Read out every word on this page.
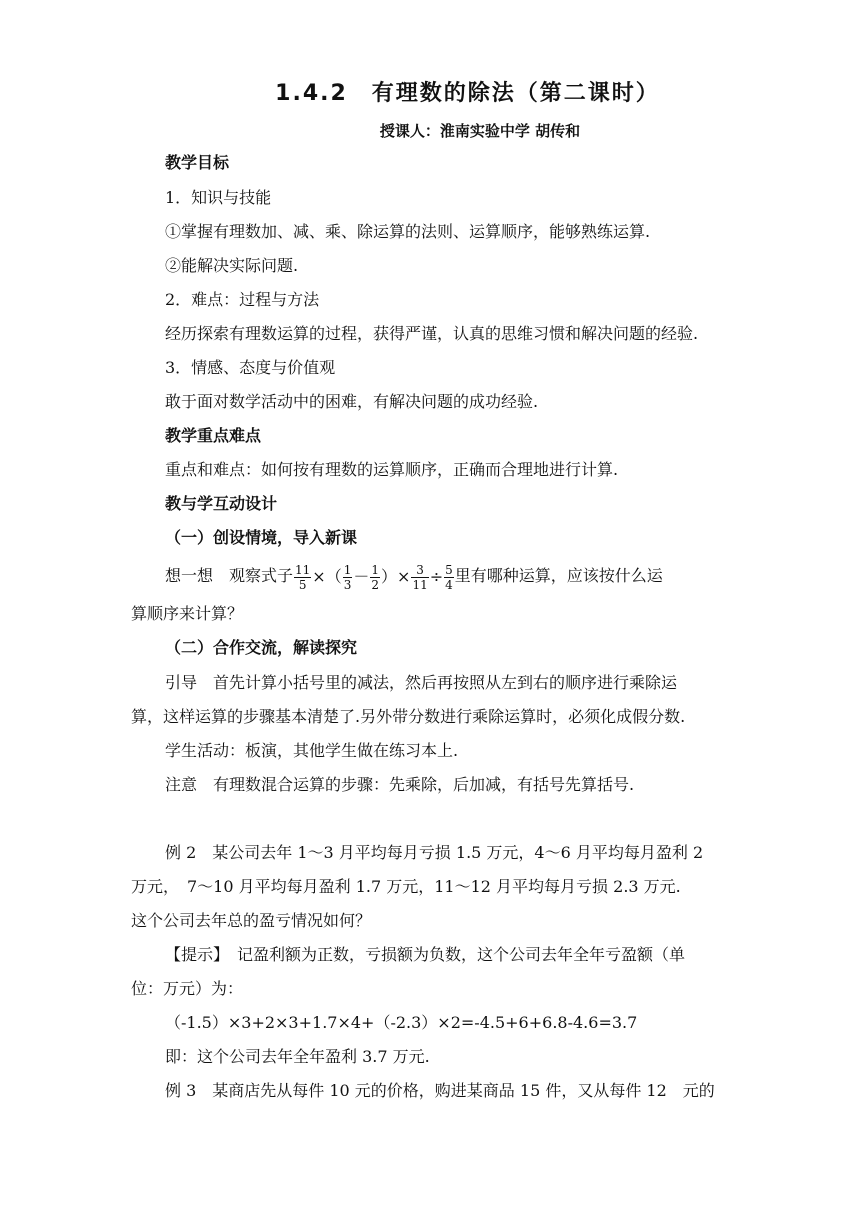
1.4.2　有理数的除法（第二课时）
授课人：淮南实验中学 胡传和
教学目标
1．知识与技能
①掌握有理数加、减、乘、除运算的法则、运算顺序，能够熟练运算.
②能解决实际问题.
2．难点：过程与方法
经历探索有理数运算的过程，获得严谨，认真的思维习惯和解决问题的经验.
3．情感、态度与价值观
敢于面对数学活动中的困难，有解决问题的成功经验.
教学重点难点
重点和难点：如何按有理数的运算顺序，正确而合理地进行计算.
教与学互动设计
（一）创设情境，导入新课
想一想　观察式子 $\frac{11}{5}$ ×（ $\frac{1}{3} - \frac{1}{2}$ ）× $\frac{3}{11} \div \frac{5}{4}$ 里有哪种运算，应该按什么运
算顺序来计算？
（二）合作交流，解读探究
引导　首先计算小括号里的减法，然后再按照从左到右的顺序进行乘除运
算，这样运算的步骤基本清楚了.另外带分数进行乘除运算时，必须化成假分数.
学生活动：板演，其他学生做在练习本上.
注意　有理数混合运算的步骤：先乘除，后加减，有括号先算括号.
例 2　某公司去年 1～3 月平均每月亏损 1.5 万元，4～6 月平均每月盈利 2
万元，　7～10 月平均每月盈利 1.7 万元，11～12 月平均每月亏损 2.3 万元.
这个公司去年总的盈亏情况如何？
【提示】　记盈利额为正数，亏损额为负数，这个公司去年全年亏盈额（单
位：万元）为：
（-1.5）×3+2×3+1.7×4+（-2.3）×2=-4.5+6+6.8-4.6=3.7
即：这个公司去年全年盈利 3.7 万元.
例 3　某商店先从每件 10 元的价格，购进某商品 15 件，又从每件 12　元的
